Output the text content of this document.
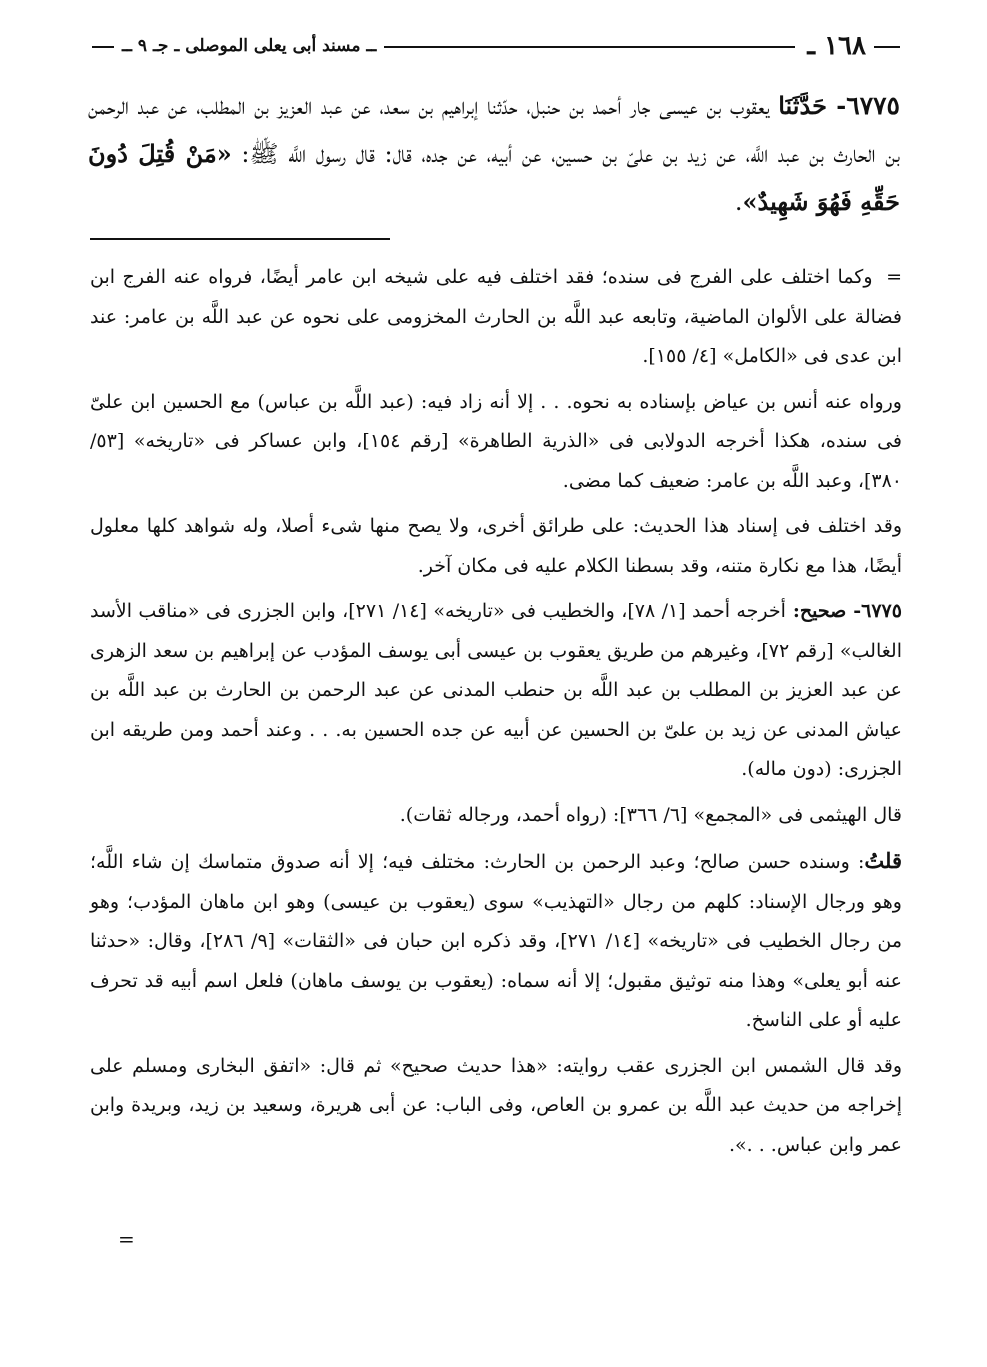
١٦٨ ـ
ــ مسند أبى يعلى الموصلى ـ جـ ٩ ــ

٦٧٧٥- حَدَّثَنَا يعقوب بن عيسى جار أحمد بن حنبل، حدّثنا إبراهيم بن سعد، عن عبد العزيز بن المطلب، عن عبد الرحمن بن الحارث بن عبد اللَّه، عن زيد بن علىّ بن حسين، عن أبيه، عن جده، قال: قال رسول اللَّه ﷺ: «مَنْ قُتِلَ دُونَ حَقِّهِ فَهُوَ شَهِيدٌ».

= وكما اختلف على الفرج فى سنده؛ فقد اختلف فيه على شيخه ابن عامر أيضًا، فرواه عنه الفرج ابن فضالة على الألوان الماضية، وتابعه عبد اللَّه بن الحارث المخزومى على نحوه عن عبد اللَّه بن عامر: عند ابن عدى فى «الكامل» [٤/ ١٥٥].

ورواه عنه أنس بن عياض بإسناده به نحوه. . . إلا أنه زاد فيه: (عبد اللَّه بن عباس) مع الحسين ابن علىّ فى سنده، هكذا أخرجه الدولابى فى «الذرية الطاهرة» [رقم ١٥٤]، وابن عساكر فى «تاريخه» [٥٣/ ٣٨٠]، وعبد اللَّه بن عامر: ضعيف كما مضى.

وقد اختلف فى إسناد هذا الحديث: على طرائق أخرى، ولا يصح منها شىء أصلا، وله شواهد كلها معلول أيضًا، هذا مع نكارة متنه، وقد بسطنا الكلام عليه فى مكان آخر.

٦٧٧٥- صحيح: أخرجه أحمد [١/ ٧٨]، والخطيب فى «تاريخه» [١٤/ ٢٧١]، وابن الجزرى فى «مناقب الأسد الغالب» [رقم ٧٢]، وغيرهم من طريق يعقوب بن عيسى أبى يوسف المؤدب عن إبراهيم بن سعد الزهرى عن عبد العزيز بن المطلب بن عبد اللَّه بن حنطب المدنى عن عبد الرحمن بن الحارث بن عبد اللَّه بن عياش المدنى عن زيد بن علىّ بن الحسين عن أبيه عن جده الحسين به. . . وعند أحمد ومن طريقه ابن الجزرى: (دون ماله).

قال الهيثمى فى «المجمع» [٦/ ٣٦٦]: (رواه أحمد، ورجاله ثقات).

قلتُ: وسنده حسن صالح؛ وعبد الرحمن بن الحارث: مختلف فيه؛ إلا أنه صدوق متماسك إن شاء اللَّه؛ وهو ورجال الإسناد: كلهم من رجال «التهذيب» سوى (يعقوب بن عيسى) وهو ابن ماهان المؤدب؛ وهو من رجال الخطيب فى «تاريخه» [١٤/ ٢٧١]، وقد ذكره ابن حبان فى «الثقات» [٩/ ٢٨٦]، وقال: «حدثنا عنه أبو يعلى» وهذا منه توثيق مقبول؛ إلا أنه سماه: (يعقوب بن يوسف ماهان) فلعل اسم أبيه قد تحرف عليه أو على الناسخ.

وقد قال الشمس ابن الجزرى عقب روايته: «هذا حديث صحيح» ثم قال: «اتفق البخارى ومسلم على إخراجه من حديث عبد اللَّه بن عمرو بن العاص، وفى الباب: عن أبى هريرة، وسعيد بن زيد، وبريدة وابن عمر وابن عباس. . .».

=
